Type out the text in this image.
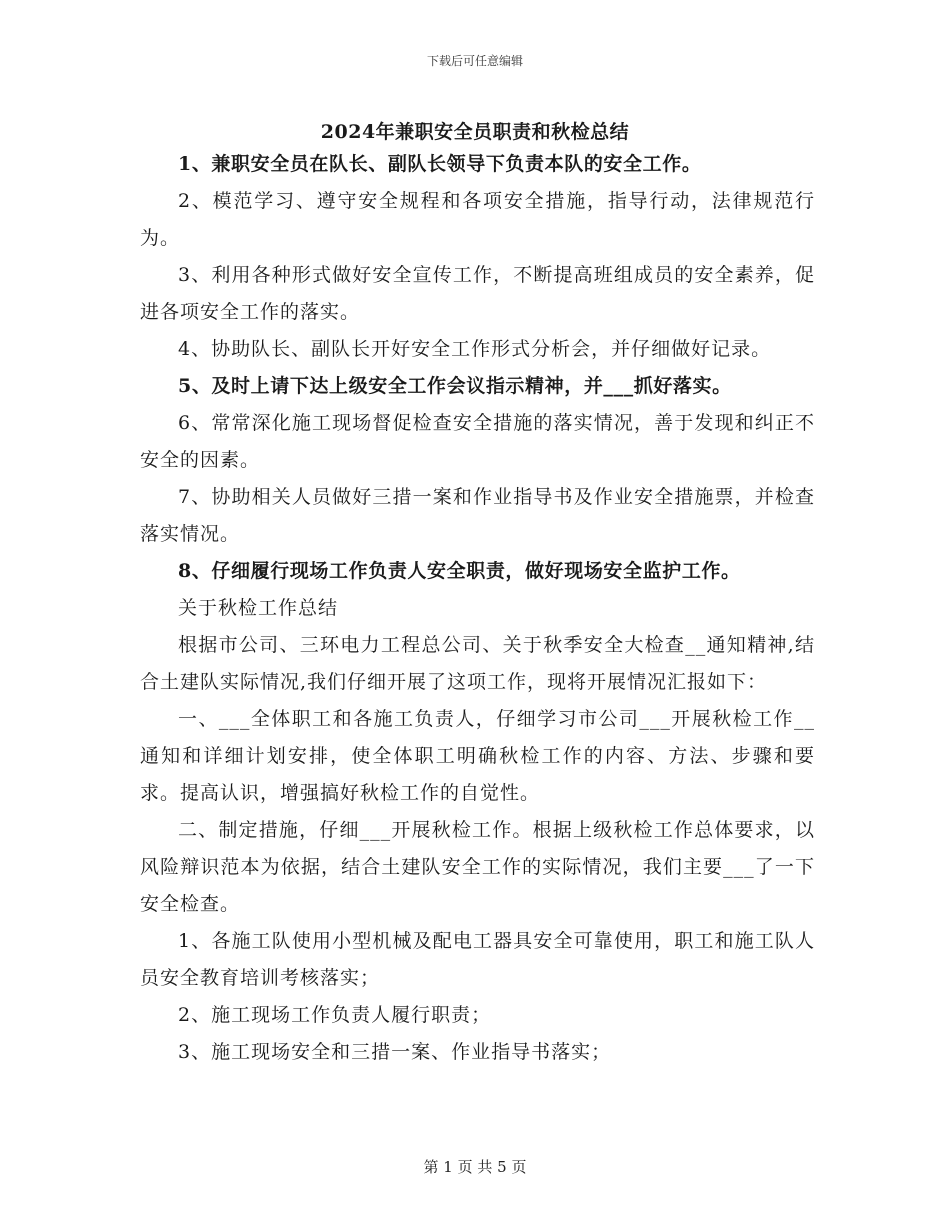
下载后可任意编辑
2024年兼职安全员职责和秋检总结

1、兼职安全员在队长、副队长领导下负责本队的安全工作。

2、模范学习、遵守安全规程和各项安全措施，指导行动，法律规范行为。

3、利用各种形式做好安全宣传工作，不断提高班组成员的安全素养，促进各项安全工作的落实。

4、协助队长、副队长开好安全工作形式分析会，并仔细做好记录。

5、及时上请下达上级安全工作会议指示精神，并___抓好落实。

6、常常深化施工现场督促检查安全措施的落实情况，善于发现和纠正不安全的因素。

7、协助相关人员做好三措一案和作业指导书及作业安全措施票，并检查落实情况。

8、仔细履行现场工作负责人安全职责，做好现场安全监护工作。

关于秋检工作总结

根据市公司、三环电力工程总公司、关于秋季安全大检查__通知精神,结合土建队实际情况,我们仔细开展了这项工作，现将开展情况汇报如下：

一、___全体职工和各施工负责人，仔细学习市公司___开展秋检工作__通知和详细计划安排，使全体职工明确秋检工作的内容、方法、步骤和要求。提高认识，增强搞好秋检工作的自觉性。

二、制定措施，仔细___开展秋检工作。根据上级秋检工作总体要求，以风险辩识范本为依据，结合土建队安全工作的实际情况，我们主要___了一下安全检查。

1、各施工队使用小型机械及配电工器具安全可靠使用，职工和施工队人员安全教育培训考核落实；

2、施工现场工作负责人履行职责；

3、施工现场安全和三措一案、作业指导书落实；

第 1 页 共 5 页
